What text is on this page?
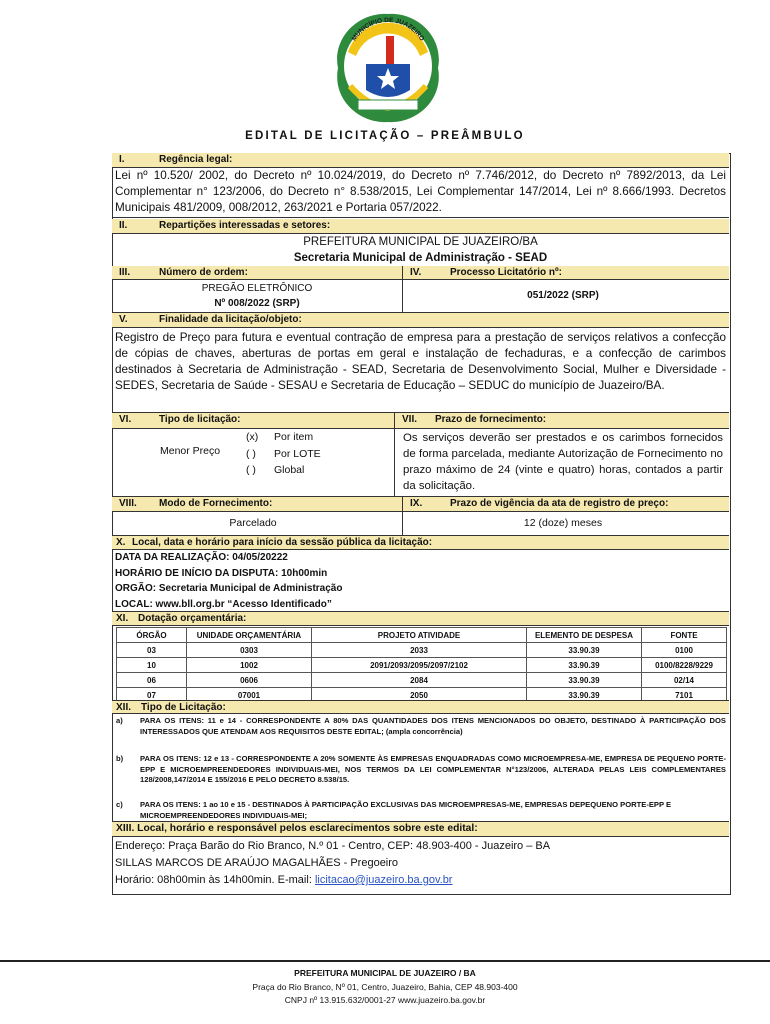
MUNICÍPIO DE JUAZEIRO
EDITAL DE LICITAÇÃO – PREÂMBULO
I.	Regência legal:
Lei nº 10.520/ 2002, do Decreto nº 10.024/2019, do Decreto nº 7.746/2012, do Decreto nº 7892/2013, da Lei Complementar n° 123/2006, do Decreto n° 8.538/2015, Lei Complementar 147/2014, Lei nº 8.666/1993. Decretos Municipais 481/2009, 008/2012, 263/2021 e Portaria 057/2022.
II.	Repartições interessadas e setores:
PREFEITURA MUNICIPAL DE JUAZEIRO/BA
Secretaria Municipal de Administração - SEAD
III.	Número de ordem:	IV.	Processo Licitatório nº:
PREGÃO ELETRÔNICO
Nº 008/2022 (SRP)
051/2022 (SRP)
V.	Finalidade da licitação/objeto:
Registro de Preço para futura e eventual contração de empresa para a prestação de serviços relativos a confecção de cópias de chaves, aberturas de portas em geral e instalação de fechaduras, e a confecção de carimbos destinados à Secretaria de Administração - SEAD, Secretaria de Desenvolvimento Social, Mulher e Diversidade - SEDES, Secretaria de Saúde - SESAU e Secretaria de Educação – SEDUC do município de Juazeiro/BA.
VI.	Tipo de licitação:	VII. Prazo de fornecimento:
Menor Preço
(x) Por item
( ) Por LOTE
( ) Global
Os serviços deverão ser prestados e os carimbos fornecidos de forma parcelada, mediante Autorização de Fornecimento no prazo máximo de 24 (vinte e quatro) horas, contados a partir da solicitação.
VIII. Modo de Fornecimento:	IX.	Prazo de vigência da ata de registro de preço:
Parcelado	12 (doze) meses
X. Local, data e horário para início da sessão pública da licitação:
DATA DA REALIZAÇÃO: 04/05/20222
HORÁRIO DE INÍCIO DA DISPUTA: 10h00min
ORGÃO: Secretaria Municipal de Administração
LOCAL: www.bll.org.br “Acesso Identificado”
XI. Dotação orçamentária:
ÓRGÃO	UNIDADE ORÇAMENTÁRIA	PROJETO ATIVIDADE	ELEMENTO DE DESPESA	FONTE
03	0303	2033	33.90.39	0100
10	1002	2091/2093/2095/2097/2102	33.90.39	0100/8228/9229
06	0606	2084	33.90.39	02/14
07	07001	2050	33.90.39	7101
XII. Tipo de Licitação:
a) PARA OS ITENS: 11 e 14 - CORRESPONDENTE A 80% DAS QUANTIDADES DOS ITENS MENCIONADOS DO OBJETO, DESTINADO À PARTICIPAÇÃO DOS INTERESSADOS QUE ATENDAM AOS REQUISITOS DESTE EDITAL; (ampla concorrência)
b) PARA OS ITENS: 12 e 13 - CORRESPONDENTE A 20% SOMENTE ÀS EMPRESAS ENQUADRADAS COMO MICROEMPRESA-ME, EMPRESA DE PEQUENO PORTE-EPP E MICROEMPREENDEDORES INDIVIDUAIS-MEI, NOS TERMOS DA LEI COMPLEMENTAR N°123/2006, ALTERADA PELAS LEIS COMPLEMENTARES 128/2008,147/2014 E 155/2016 E PELO DECRETO 8.538/15.
c) PARA OS ITENS: 1 ao 10 e 15 - DESTINADOS À PARTICIPAÇÃO EXCLUSIVAS DAS MICROEMPRESAS-ME, EMPRESAS DEPEQUENO PORTE-EPP E MICROEMPREENDEDORES INDIVIDUAIS-MEI;
XIII. Local, horário e responsável pelos esclarecimentos sobre este edital:
Endereço: Praça Barão do Rio Branco, N.º 01 - Centro, CEP: 48.903-400 - Juazeiro – BA
SILLAS MARCOS DE ARAÚJO MAGALHÃES - Pregoeiro
Horário: 08h00min às 14h00min. E-mail: licitacao@juazeiro.ba.gov.br
PREFEITURA MUNICIPAL DE JUAZEIRO / BA
Praça do Rio Branco, Nº 01, Centro, Juazeiro, Bahia, CEP 48.903-400
CNPJ nº 13.915.632/0001-27 www.juazeiro.ba.gov.br
